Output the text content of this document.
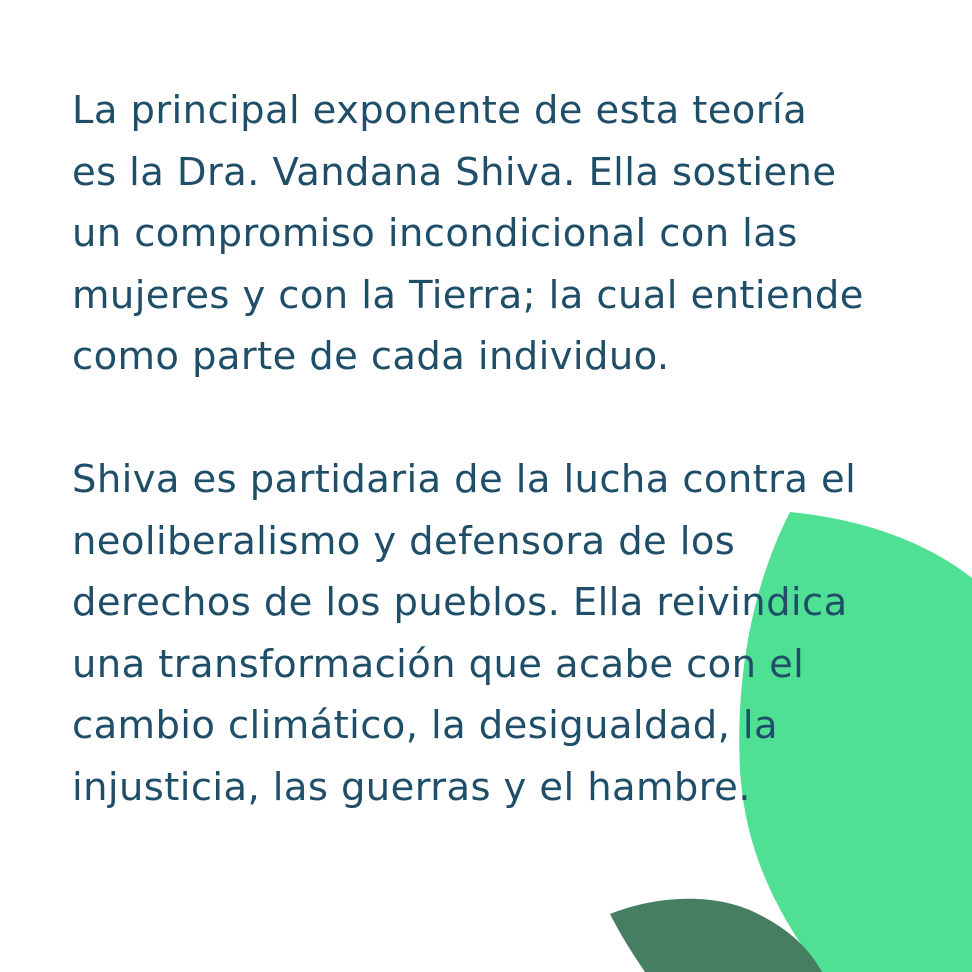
La principal exponente de esta teoría
es la Dra. Vandana Shiva. Ella sostiene
un compromiso incondicional con las
mujeres y con la Tierra; la cual entiende
como parte de cada individuo.
Shiva es partidaria de la lucha contra el
neoliberalismo y defensora de los
derechos de los pueblos. Ella reivindica
una transformación que acabe con el
cambio climático, la desigualdad, la
injusticia, las guerras y el hambre.
